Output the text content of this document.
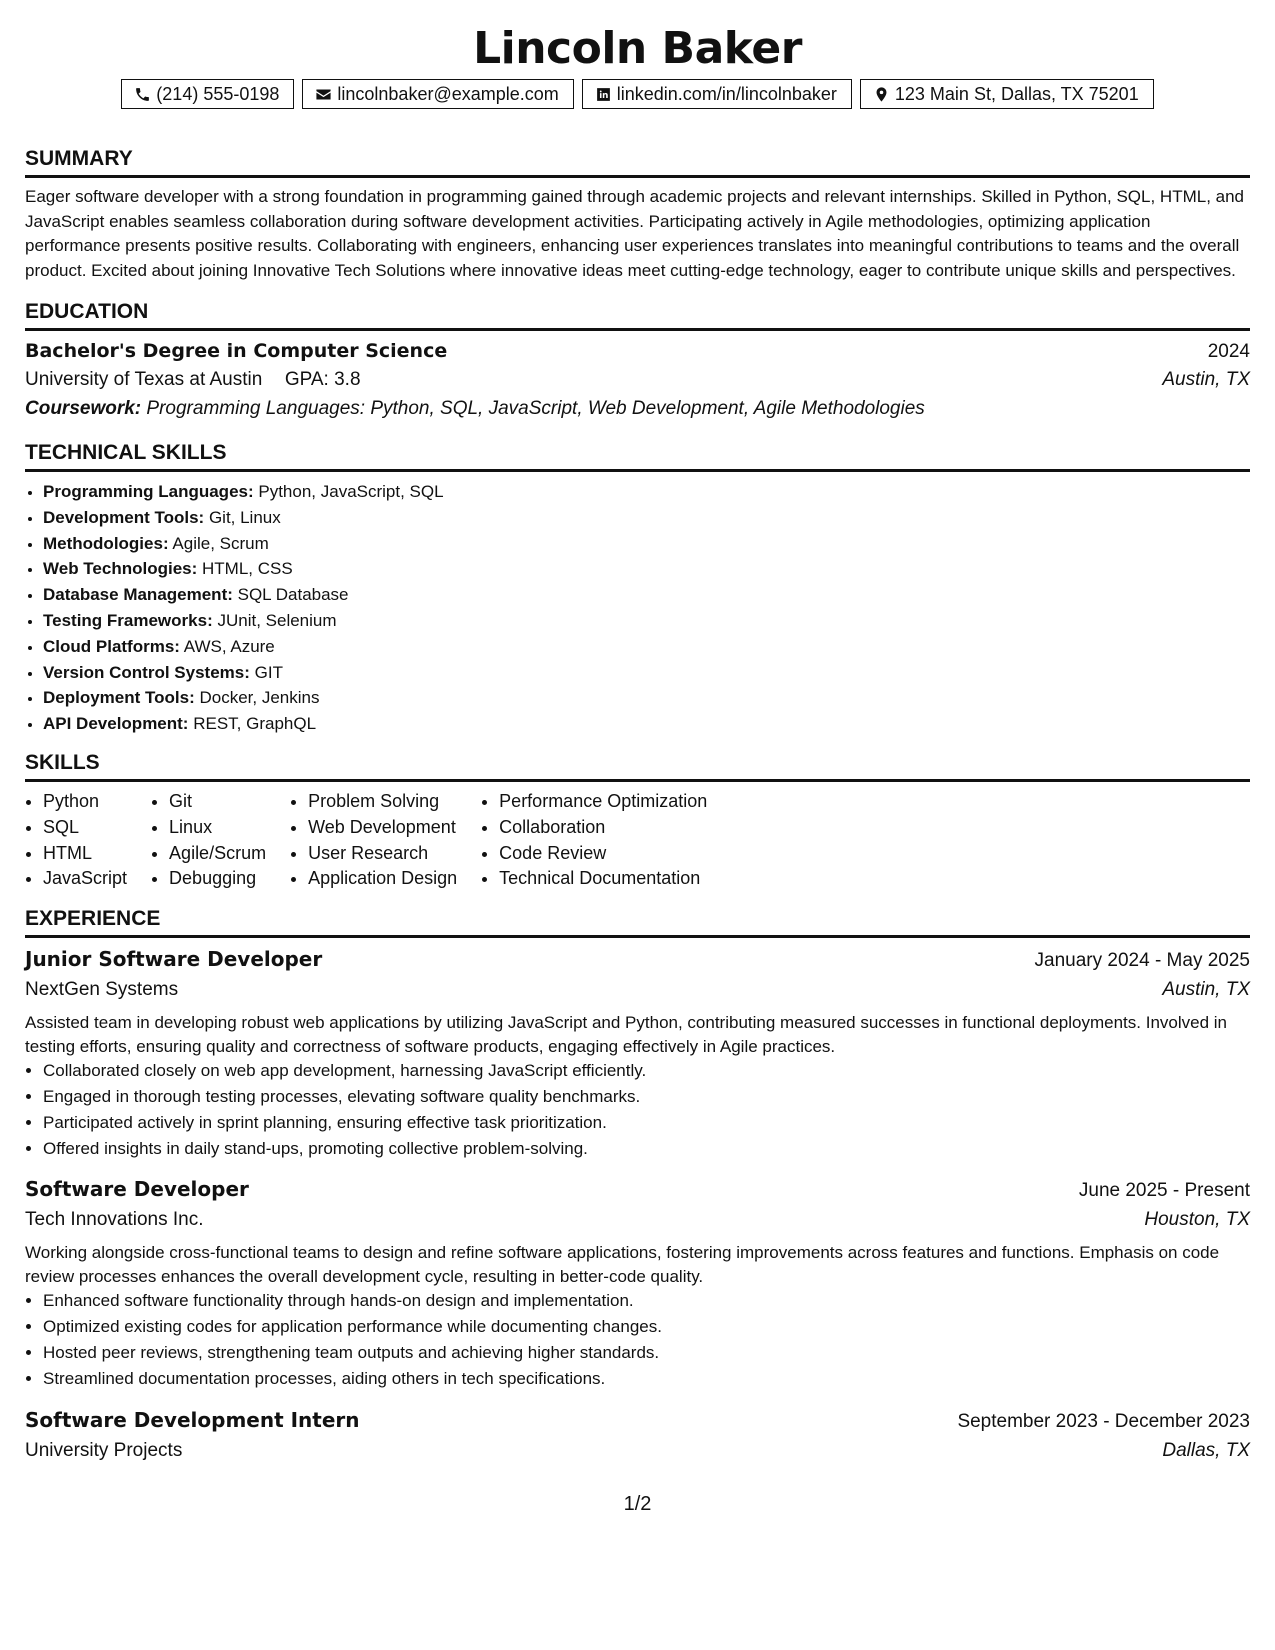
Lincoln Baker
(214) 555-0198	lincolnbaker@example.com	linkedin.com/in/lincolnbaker	123 Main St, Dallas, TX 75201
SUMMARY

Eager software developer with a strong foundation in programming gained through academic projects and relevant internships. Skilled in Python, SQL, HTML, and JavaScript enables seamless collaboration during software development activities. Participating actively in Agile methodologies, optimizing application performance presents positive results. Collaborating with engineers, enhancing user experiences translates into meaningful contributions to teams and the overall product. Excited about joining Innovative Tech Solutions where innovative ideas meet cutting-edge technology, eager to contribute unique skills and perspectives.

EDUCATION
Bachelor's Degree in Computer Science	2024
University of Texas at Austin GPA: 3.8	Austin, TX
Coursework: Programming Languages: Python, SQL, JavaScript, Web Development, Agile Methodologies
TECHNICAL SKILLS
• Programming Languages: Python, JavaScript, SQL
• Development Tools: Git, Linux
• Methodologies: Agile, Scrum
• Web Technologies: HTML, CSS
• Database Management: SQL Database
• Testing Frameworks: JUnit, Selenium
• Cloud Platforms: AWS, Azure
• Version Control Systems: GIT
• Deployment Tools: Docker, Jenkins
• API Development: REST, GraphQL
SKILLS
• Python
• SQL
• HTML
• JavaScript
• Git
• Linux
• Agile/Scrum
• Debugging
• Problem Solving
• Web Development
• User Research
• Application Design
• Performance Optimization
• Collaboration
• Code Review
• Technical Documentation
EXPERIENCE
Junior Software Developer	January 2024 - May 2025
NextGen Systems	Austin, TX
Assisted team in developing robust web applications by utilizing JavaScript and Python, contributing measured successes in functional deployments. Involved in testing efforts, ensuring quality and correctness of software products, engaging effectively in Agile practices.
• Collaborated closely on web app development, harnessing JavaScript efficiently.
• Engaged in thorough testing processes, elevating software quality benchmarks.
• Participated actively in sprint planning, ensuring effective task prioritization.
• Offered insights in daily stand-ups, promoting collective problem-solving.
Software Developer	June 2025 - Present
Tech Innovations Inc.	Houston, TX
Working alongside cross-functional teams to design and refine software applications, fostering improvements across features and functions. Emphasis on code review processes enhances the overall development cycle, resulting in better-code quality.
• Enhanced software functionality through hands-on design and implementation.
• Optimized existing codes for application performance while documenting changes.
• Hosted peer reviews, strengthening team outputs and achieving higher standards.
• Streamlined documentation processes, aiding others in tech specifications.
Software Development Intern	September 2023 - December 2023
University Projects	Dallas, TX
1/2
